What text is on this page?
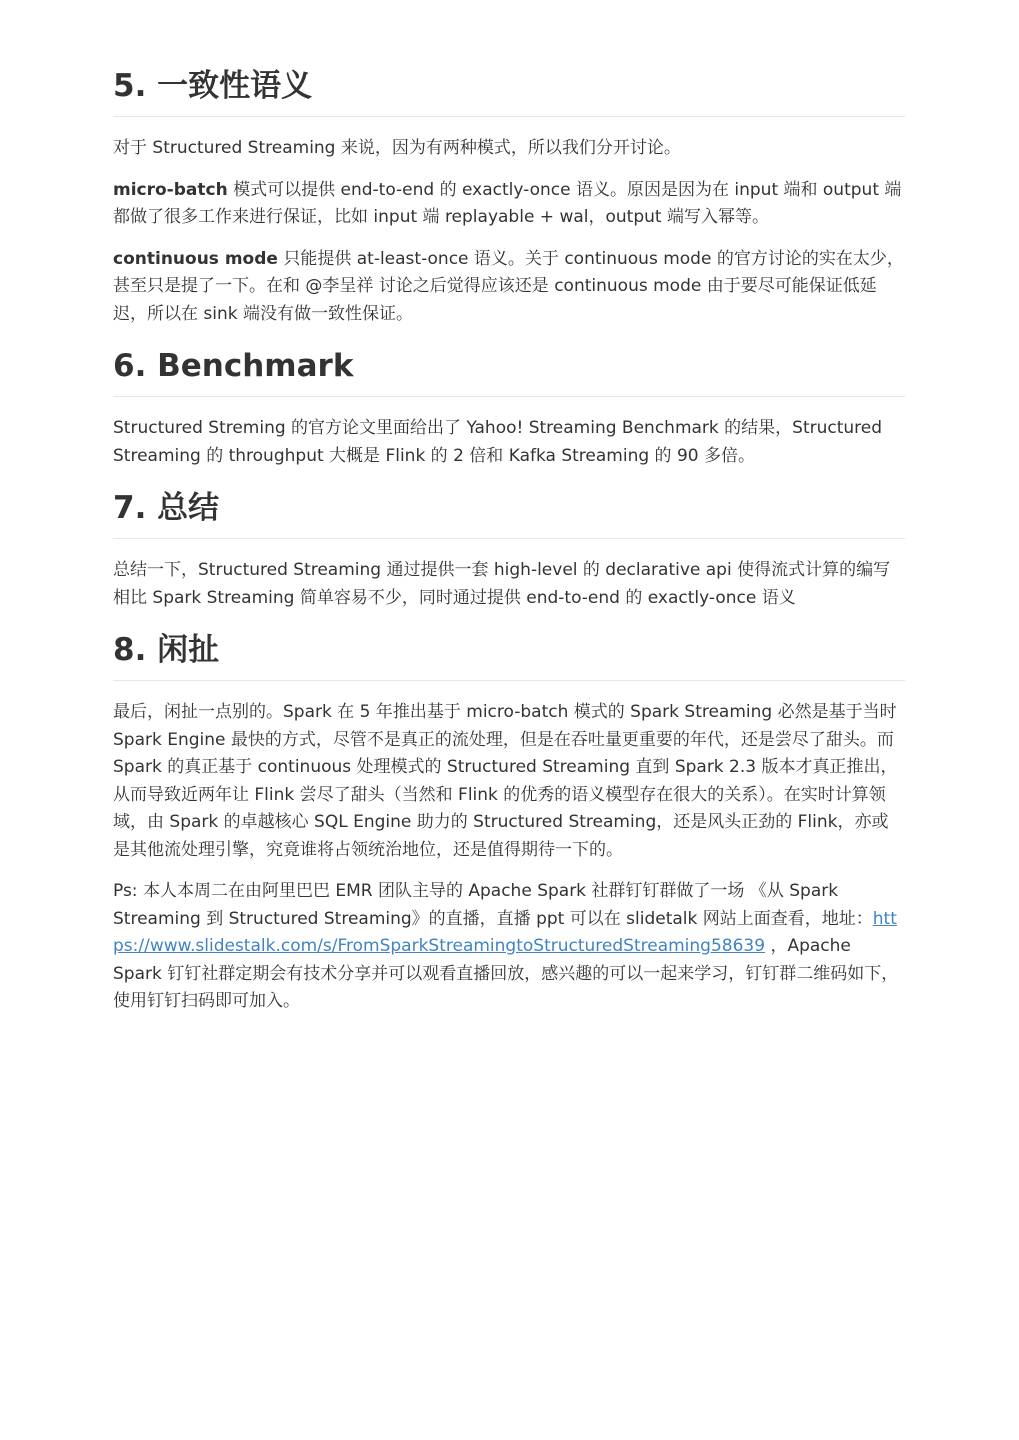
5. 一致性语义

对于 Structured Streaming 来说，因为有两种模式，所以我们分开讨论。

micro-batch 模式可以提供 end-to-end 的 exactly-once 语义。原因是因为在 input 端和 output 端都做了很多工作来进行保证，比如 input 端 replayable + wal，output 端写入幂等。

continuous mode 只能提供 at-least-once 语义。关于 continuous mode 的官方讨论的实在太少，甚至只是提了一下。在和 @李呈祥 讨论之后觉得应该还是 continuous mode 由于要尽可能保证低延迟，所以在 sink 端没有做一致性保证。

6. Benchmark

Structured Streming 的官方论文里面给出了 Yahoo! Streaming Benchmark 的结果，Structured Streaming 的 throughput 大概是 Flink 的 2 倍和 Kafka Streaming 的 90 多倍。

7. 总结

总结一下，Structured Streaming 通过提供一套 high-level 的 declarative api 使得流式计算的编写相比 Spark Streaming 简单容易不少，同时通过提供 end-to-end 的 exactly-once 语义

8. 闲扯

最后，闲扯一点别的。Spark 在 5 年推出基于 micro-batch 模式的 Spark Streaming 必然是基于当时 Spark Engine 最快的方式，尽管不是真正的流处理，但是在吞吐量更重要的年代，还是尝尽了甜头。而 Spark 的真正基于 continuous 处理模式的 Structured Streaming 直到 Spark 2.3 版本才真正推出，从而导致近两年让 Flink 尝尽了甜头（当然和 Flink 的优秀的语义模型存在很大的关系）。在实时计算领域，由 Spark 的卓越核心 SQL Engine 助力的 Structured Streaming，还是风头正劲的 Flink，亦或是其他流处理引擎，究竟谁将占领统治地位，还是值得期待一下的。

Ps: 本人本周二在由阿里巴巴 EMR 团队主导的 Apache Spark 社群钉钉群做了一场 《从 Spark Streaming 到 Structured Streaming》的直播，直播 ppt 可以在 slidetalk 网站上面查看，地址：https://www.slidestalk.com/s/FromSparkStreamingtoStructuredStreaming58639 ，Apache Spark 钉钉社群定期会有技术分享并可以观看直播回放，感兴趣的可以一起来学习，钉钉群二维码如下，使用钉钉扫码即可加入。
